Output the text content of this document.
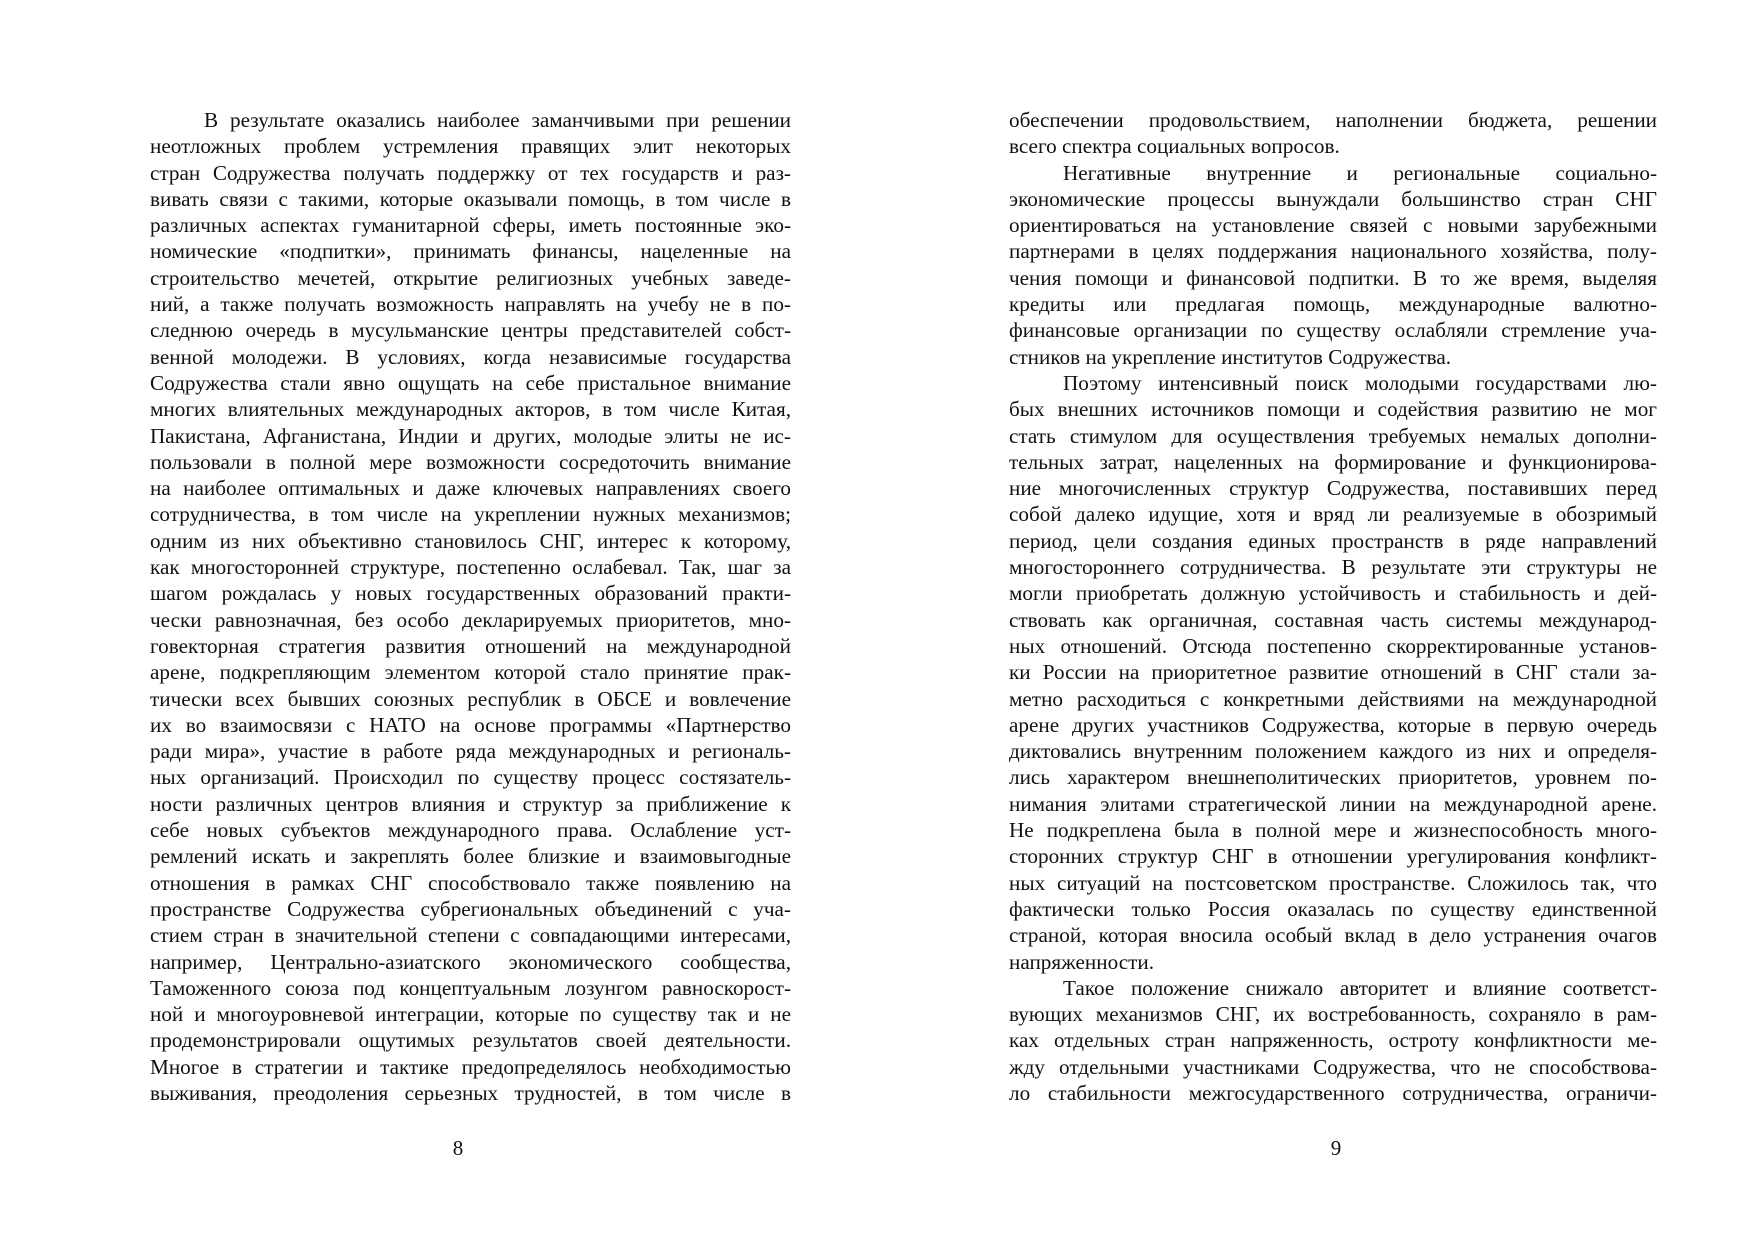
В результате оказались наиболее заманчивыми при решении
неотложных проблем устремления правящих элит некоторых
стран Содружества получать поддержку от тех государств и раз-
вивать связи с такими, которые оказывали помощь, в том числе в
различных аспектах гуманитарной сферы, иметь постоянные эко-
номические «подпитки», принимать финансы, нацеленные на
строительство мечетей, открытие религиозных учебных заведе-
ний, а также получать возможность направлять на учебу не в по-
следнюю очередь в мусульманские центры представителей собст-
венной молодежи. В условиях, когда независимые государства
Содружества стали явно ощущать на себе пристальное внимание
многих влиятельных международных акторов, в том числе Китая,
Пакистана, Афганистана, Индии и других, молодые элиты не ис-
пользовали в полной мере возможности сосредоточить внимание
на наиболее оптимальных и даже ключевых направлениях своего
сотрудничества, в том числе на укреплении нужных механизмов;
одним из них объективно становилось СНГ, интерес к которому,
как многосторонней структуре, постепенно ослабевал. Так, шаг за
шагом рождалась у новых государственных образований практи-
чески равнозначная, без особо декларируемых приоритетов, мно-
говекторная стратегия развития отношений на международной
арене, подкрепляющим элементом которой стало принятие прак-
тически всех бывших союзных республик в ОБСЕ и вовлечение
их во взаимосвязи с НАТО на основе программы «Партнерство
ради мира», участие в работе ряда международных и региональ-
ных организаций. Происходил по существу процесс состязатель-
ности различных центров влияния и структур за приближение к
себе новых субъектов международного права. Ослабление уст-
ремлений искать и закреплять более близкие и взаимовыгодные
отношения в рамках СНГ способствовало также появлению на
пространстве Содружества субрегиональных объединений с уча-
стием стран в значительной степени с совпадающими интересами,
например, Центрально-азиатского экономического сообщества,
Таможенного союза под концептуальным лозунгом равноскорост-
ной и многоуровневой интеграции, которые по существу так и не
продемонстрировали ощутимых результатов своей деятельности.
Многое в стратегии и тактике предопределялось необходимостью
выживания, преодоления серьезных трудностей, в том числе в
8
обеспечении продовольствием, наполнении бюджета, решении
всего спектра социальных вопросов.
Негативные внутренние и региональные социально-
экономические процессы вынуждали большинство стран СНГ
ориентироваться на установление связей с новыми зарубежными
партнерами в целях поддержания национального хозяйства, полу-
чения помощи и финансовой подпитки. В то же время, выделяя
кредиты или предлагая помощь, международные валютно-
финансовые организации по существу ослабляли стремление уча-
стников на укрепление институтов Содружества.
Поэтому интенсивный поиск молодыми государствами лю-
бых внешних источников помощи и содействия развитию не мог
стать стимулом для осуществления требуемых немалых дополни-
тельных затрат, нацеленных на формирование и функционирова-
ние многочисленных структур Содружества, поставивших перед
собой далеко идущие, хотя и вряд ли реализуемые в обозримый
период, цели создания единых пространств в ряде направлений
многостороннего сотрудничества. В результате эти структуры не
могли приобретать должную устойчивость и стабильность и дей-
ствовать как органичная, составная часть системы международ-
ных отношений. Отсюда постепенно скорректированные установ-
ки России на приоритетное развитие отношений в СНГ стали за-
метно расходиться с конкретными действиями на международной
арене других участников Содружества, которые в первую очередь
диктовались внутренним положением каждого из них и определя-
лись характером внешнеполитических приоритетов, уровнем по-
нимания элитами стратегической линии на международной арене.
Не подкреплена была в полной мере и жизнеспособность много-
сторонних структур СНГ в отношении урегулирования конфликт-
ных ситуаций на постсоветском пространстве. Сложилось так, что
фактически только Россия оказалась по существу единственной
страной, которая вносила особый вклад в дело устранения очагов
напряженности.
Такое положение снижало авторитет и влияние соответст-
вующих механизмов СНГ, их востребованность, сохраняло в рам-
ках отдельных стран напряженность, остроту конфликтности ме-
жду отдельными участниками Содружества, что не способствова-
ло стабильности межгосударственного сотрудничества, ограничи-
9
